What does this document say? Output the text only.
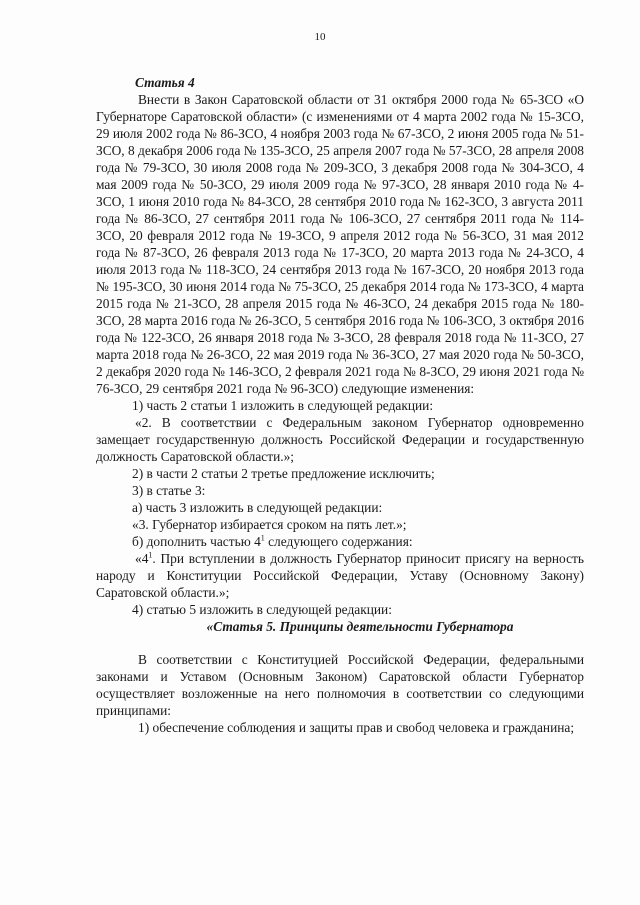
10

Статья 4

Внести в Закон Саратовской области от 31 октября 2000 года № 65-ЗСО «О Губернаторе Саратовской области» (с изменениями от 4 марта 2002 года № 15-ЗСО, 29 июля 2002 года № 86-ЗСО, 4 ноября 2003 года № 67-ЗСО, 2 июня 2005 года № 51-ЗСО, 8 декабря 2006 года № 135-ЗСО, 25 апреля 2007 года № 57-ЗСО, 28 апреля 2008 года № 79-ЗСО, 30 июля 2008 года № 209-ЗСО, 3 декабря 2008 года № 304-ЗСО, 4 мая 2009 года № 50-ЗСО, 29 июля 2009 года № 97-ЗСО, 28 января 2010 года № 4-ЗСО, 1 июня 2010 года № 84-ЗСО, 28 сентября 2010 года № 162-ЗСО, 3 августа 2011 года № 86-ЗСО, 27 сентября 2011 года № 106-ЗСО, 27 сентября 2011 года № 114-ЗСО, 20 февраля 2012 года № 19-ЗСО, 9 апреля 2012 года № 56-ЗСО, 31 мая 2012 года № 87-ЗСО, 26 февраля 2013 года № 17-ЗСО, 20 марта 2013 года № 24-ЗСО, 4 июля 2013 года № 118-ЗСО, 24 сентября 2013 года № 167-ЗСО, 20 ноября 2013 года № 195-ЗСО, 30 июня 2014 года № 75-ЗСО, 25 декабря 2014 года № 173-ЗСО, 4 марта 2015 года № 21-ЗСО, 28 апреля 2015 года № 46-ЗСО, 24 декабря 2015 года № 180-ЗСО, 28 марта 2016 года № 26-ЗСО, 5 сентября 2016 года № 106-ЗСО, 3 октября 2016 года № 122-ЗСО, 26 января 2018 года № 3-ЗСО, 28 февраля 2018 года № 11-ЗСО, 27 марта 2018 года № 26-ЗСО, 22 мая 2019 года № 36-ЗСО, 27 мая 2020 года № 50-ЗСО, 2 декабря 2020 года № 146-ЗСО, 2 февраля 2021 года № 8-ЗСО, 29 июня 2021 года № 76-ЗСО, 29 сентября 2021 года № 96-ЗСО) следующие изменения:

1) часть 2 статьи 1 изложить в следующей редакции:

«2. В соответствии с Федеральным законом Губернатор одновременно замещает государственную должность Российской Федерации и государственную должность Саратовской области.»;

2) в части 2 статьи 2 третье предложение исключить;

3) в статье 3:

а) часть 3 изложить в следующей редакции:

«3. Губернатор избирается сроком на пять лет.»;

б) дополнить частью $4^1$ следующего содержания:

«$4^1$. При вступлении в должность Губернатор приносит присягу на верность народу и Конституции Российской Федерации, Уставу (Основному Закону) Саратовской области.»;

4) статью 5 изложить в следующей редакции:

«Статья 5. Принципы деятельности Губернатора

В соответствии с Конституцией Российской Федерации, федеральными законами и Уставом (Основным Законом) Саратовской области Губернатор осуществляет возложенные на него полномочия в соответствии со следующими принципами:

1) обеспечение соблюдения и защиты прав и свобод человека и гражданина;
